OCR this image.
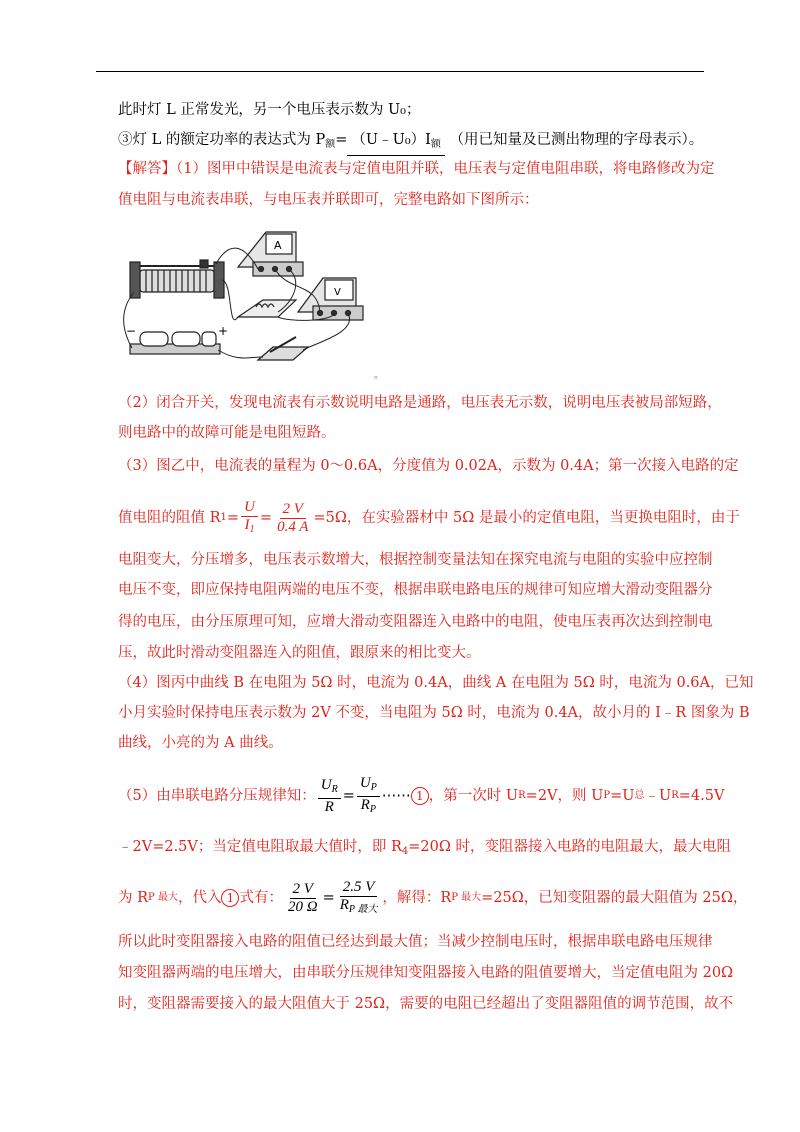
此时灯 L 正常发光，另一个电压表示数为 U₀；
③灯 L 的额定功率的表达式为 $P_额=$ $(U﹣U_0)I_额$ （用已知量及已测出物理的字母表示）。
【解答】（1）图甲中错误是电流表与定值电阻并联，电压表与定值电阻串联，将电路修改为定
值电阻与电流表串联，与电压表并联即可，完整电路如下图所示：
A
V
−	+
。
（2）闭合开关，发现电流表有示数说明电路是通路，电压表无示数，说明电压表被局部短路，
则电路中的故障可能是电阻短路。
（3）图乙中，电流表的量程为 0～0.6A，分度值为 0.02A，示数为 0.4A；第一次接入电路的定
值电阻的阻值 R $1 = \frac{U}{I_1} = \frac{2 V}{0.4 A} =5\Omega$，在实验器材中 5Ω 是最小的定值电阻，当更换电阻时，由于
电阻变大，分压增多，电压表示数增大，根据控制变量法知在探究电流与电阻的实验中应控制
电压不变，即应保持电阻两端的电压不变，根据串联电路电压的规律可知应增大滑动变阻器分
得的电压，由分压原理可知，应增大滑动变阻器连入电路中的电阻，使电压表再次达到控制电
压，故此时滑动变阻器连入的阻值，跟原来的相比变大。
（4）图丙中曲线 B 在电阻为 5Ω 时，电流为 0.4A，曲线 A 在电阻为 5Ω 时，电流为 0.6A，已知
小月实验时保持电压表示数为 2V 不变，当电阻为 5Ω 时，电流为 0.4A，故小月的 I﹣R 图象为 B
曲线，小亮的为 A 曲线。
（5）由串联电路分压规律知： $\frac{U_R}{R} = \frac{U_P}{R_P}$ ⋯⋯ 1 ，第一次时 U R =2V，则 U P =U 总 ﹣U R =4.5V
﹣2V=2.5V；当定值电阻取最大值时，即 $R_4=20\Omega$ 时，变阻器接入电路的电阻最大，最大电阻
为 R P 最大 ，代入 1 式有： $\frac{2 V}{20 \Omega} = \frac{2.5 V}{R_{P 最大}}$ ，解得：R P 最大 =25Ω，已知变阻器的最大阻值为 25Ω，
所以此时变阻器接入电路的阻值已经达到最大值；当减少控制电压时，根据串联电路电压规律
知变阻器两端的电压增大，由串联分压规律知变阻器接入电路的阻值要增大，当定值电阻为 20Ω
时，变阻器需要接入的最大阻值大于 25Ω，需要的电阻已经超出了变阻器阻值的调节范围，故不
